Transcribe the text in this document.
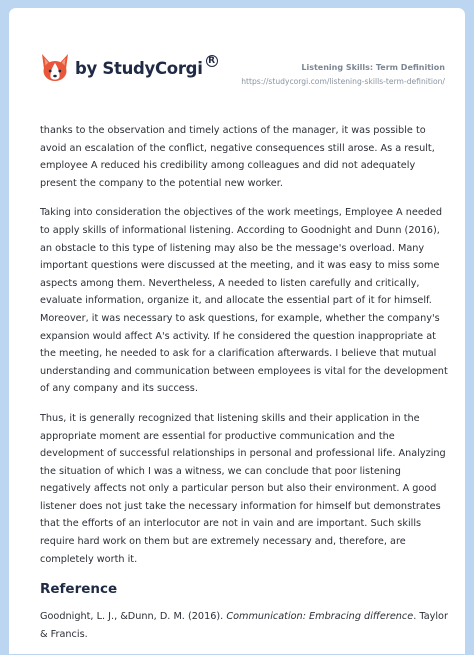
by StudyCorgi R
Listening Skills: Term Definition
https://studycorgi.com/listening-skills-term-definition/

thanks to the observation and timely actions of the manager, it was possible to avoid an escalation of the conflict, negative consequences still arose. As a result, employee A reduced his credibility among colleagues and did not adequately present the company to the potential new worker.

Taking into consideration the objectives of the work meetings, Employee A needed to apply skills of informational listening. According to Goodnight and Dunn (2016), an obstacle to this type of listening may also be the message's overload. Many important questions were discussed at the meeting, and it was easy to miss some aspects among them. Nevertheless, A needed to listen carefully and critically, evaluate information, organize it, and allocate the essential part of it for himself. Moreover, it was necessary to ask questions, for example, whether the company's expansion would affect A's activity. If he considered the question inappropriate at the meeting, he needed to ask for a clarification afterwards. I believe that mutual understanding and communication between employees is vital for the development of any company and its success.

Thus, it is generally recognized that listening skills and their application in the appropriate moment are essential for productive communication and the development of successful relationships in personal and professional life. Analyzing the situation of which I was a witness, we can conclude that poor listening negatively affects not only a particular person but also their environment. A good listener does not just take the necessary information for himself but demonstrates that the efforts of an interlocutor are not in vain and are important. Such skills require hard work on them but are extremely necessary and, therefore, are completely worth it.

Reference

Goodnight, L. J., &Dunn, D. M. (2016). Communication: Embracing difference. Taylor & Francis.
